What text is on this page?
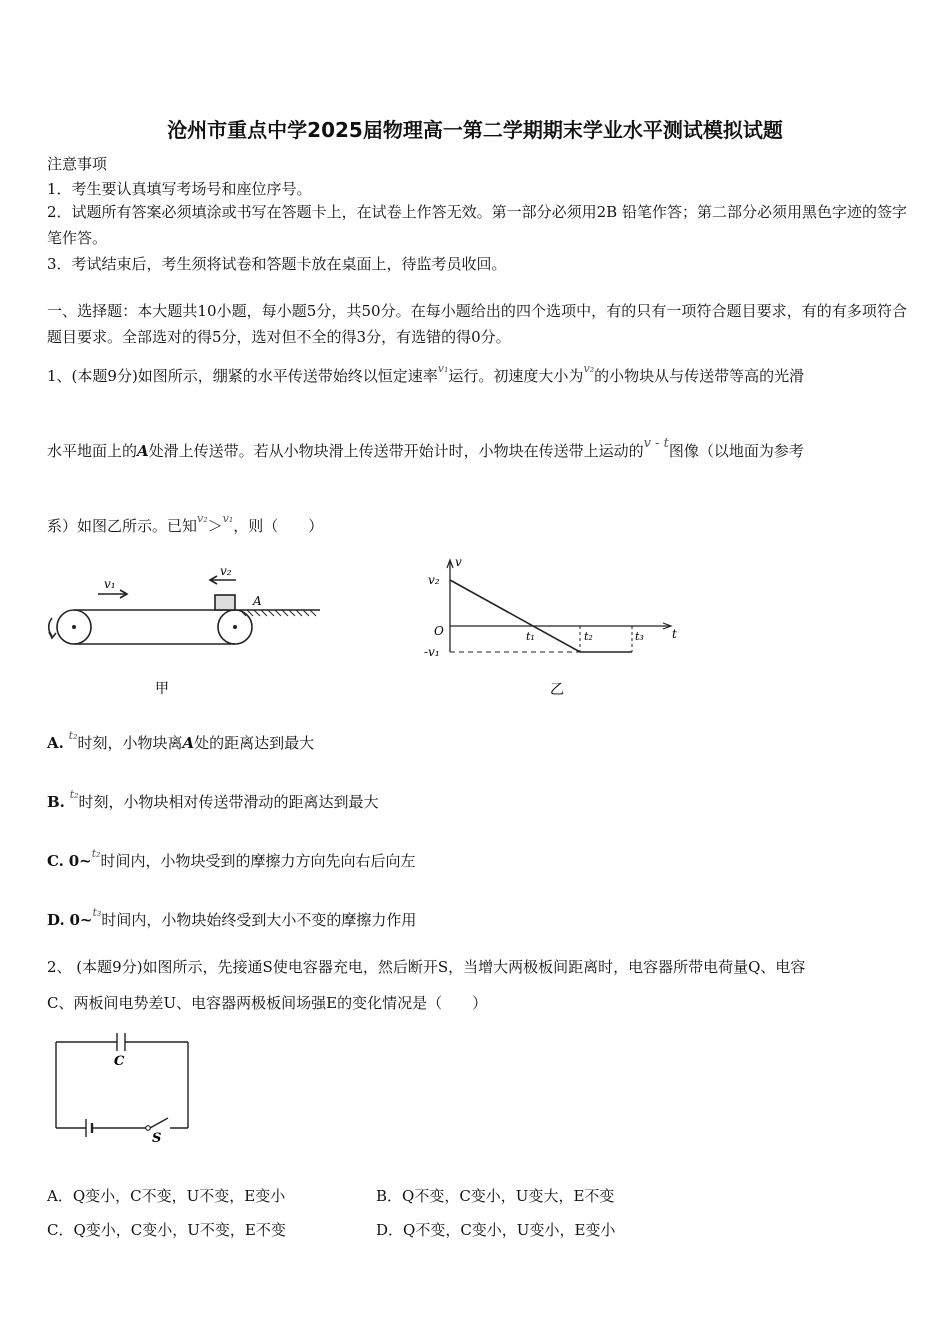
沧州市重点中学2025届物理高一第二学期期末学业水平测试模拟试题
注意事项
1．考生要认真填写考场号和座位序号。
2．试题所有答案必须填涂或书写在答题卡上，在试卷上作答无效。第一部分必须用2B 铅笔作答；第二部分必须用黑色字迹的签字笔作答。
3．考试结束后，考生须将试卷和答题卡放在桌面上，待监考员收回。
一、选择题：本大题共10小题，每小题5分，共50分。在每小题给出的四个选项中，有的只有一项符合题目要求，有的有多项符合题目要求。全部选对的得5分，选对但不全的得3分，有选错的得0分。
1、(本题9分)如图所示，绷紧的水平传送带始终以恒定速率$^{v_1}$运行。初速度大小为$^{v_2}$的小物块从与传送带等高的光滑
水平地面上的A处滑上传送带。若从小物块滑上传送带开始计时，小物块在传送带上运动的v - t图像（以地面为参考
系）如图乙所示。已知$^{v_2}$＞$^{v_1}$，则（　　）
v₁
v₂
A
甲
v
v₂
O	t₁	t₂	t₃ t
-v₁
乙
A. $^{t_2}$时刻，小物块离A处的距离达到最大
B. $^{t_2}$时刻，小物块相对传送带滑动的距离达到最大
C. 0~$^{t_2}$时间内，小物块受到的摩擦力方向先向右后向左
D. 0~$^{t_3}$时间内，小物块始终受到大小不变的摩擦力作用
2、 (本题9分)如图所示，先接通S使电容器充电，然后断开S，当增大两极板间距离时，电容器所带电荷量Q、电容
C、两板间电势差U、电容器两极板间场强E的变化情况是（　　）
C
S
A．Q变小，C不变，U不变，E变小	B．Q不变，C变小，U变大，E不变
C．Q变小，C变小，U不变，E不变	D．Q不变，C变小，U变小，E变小
